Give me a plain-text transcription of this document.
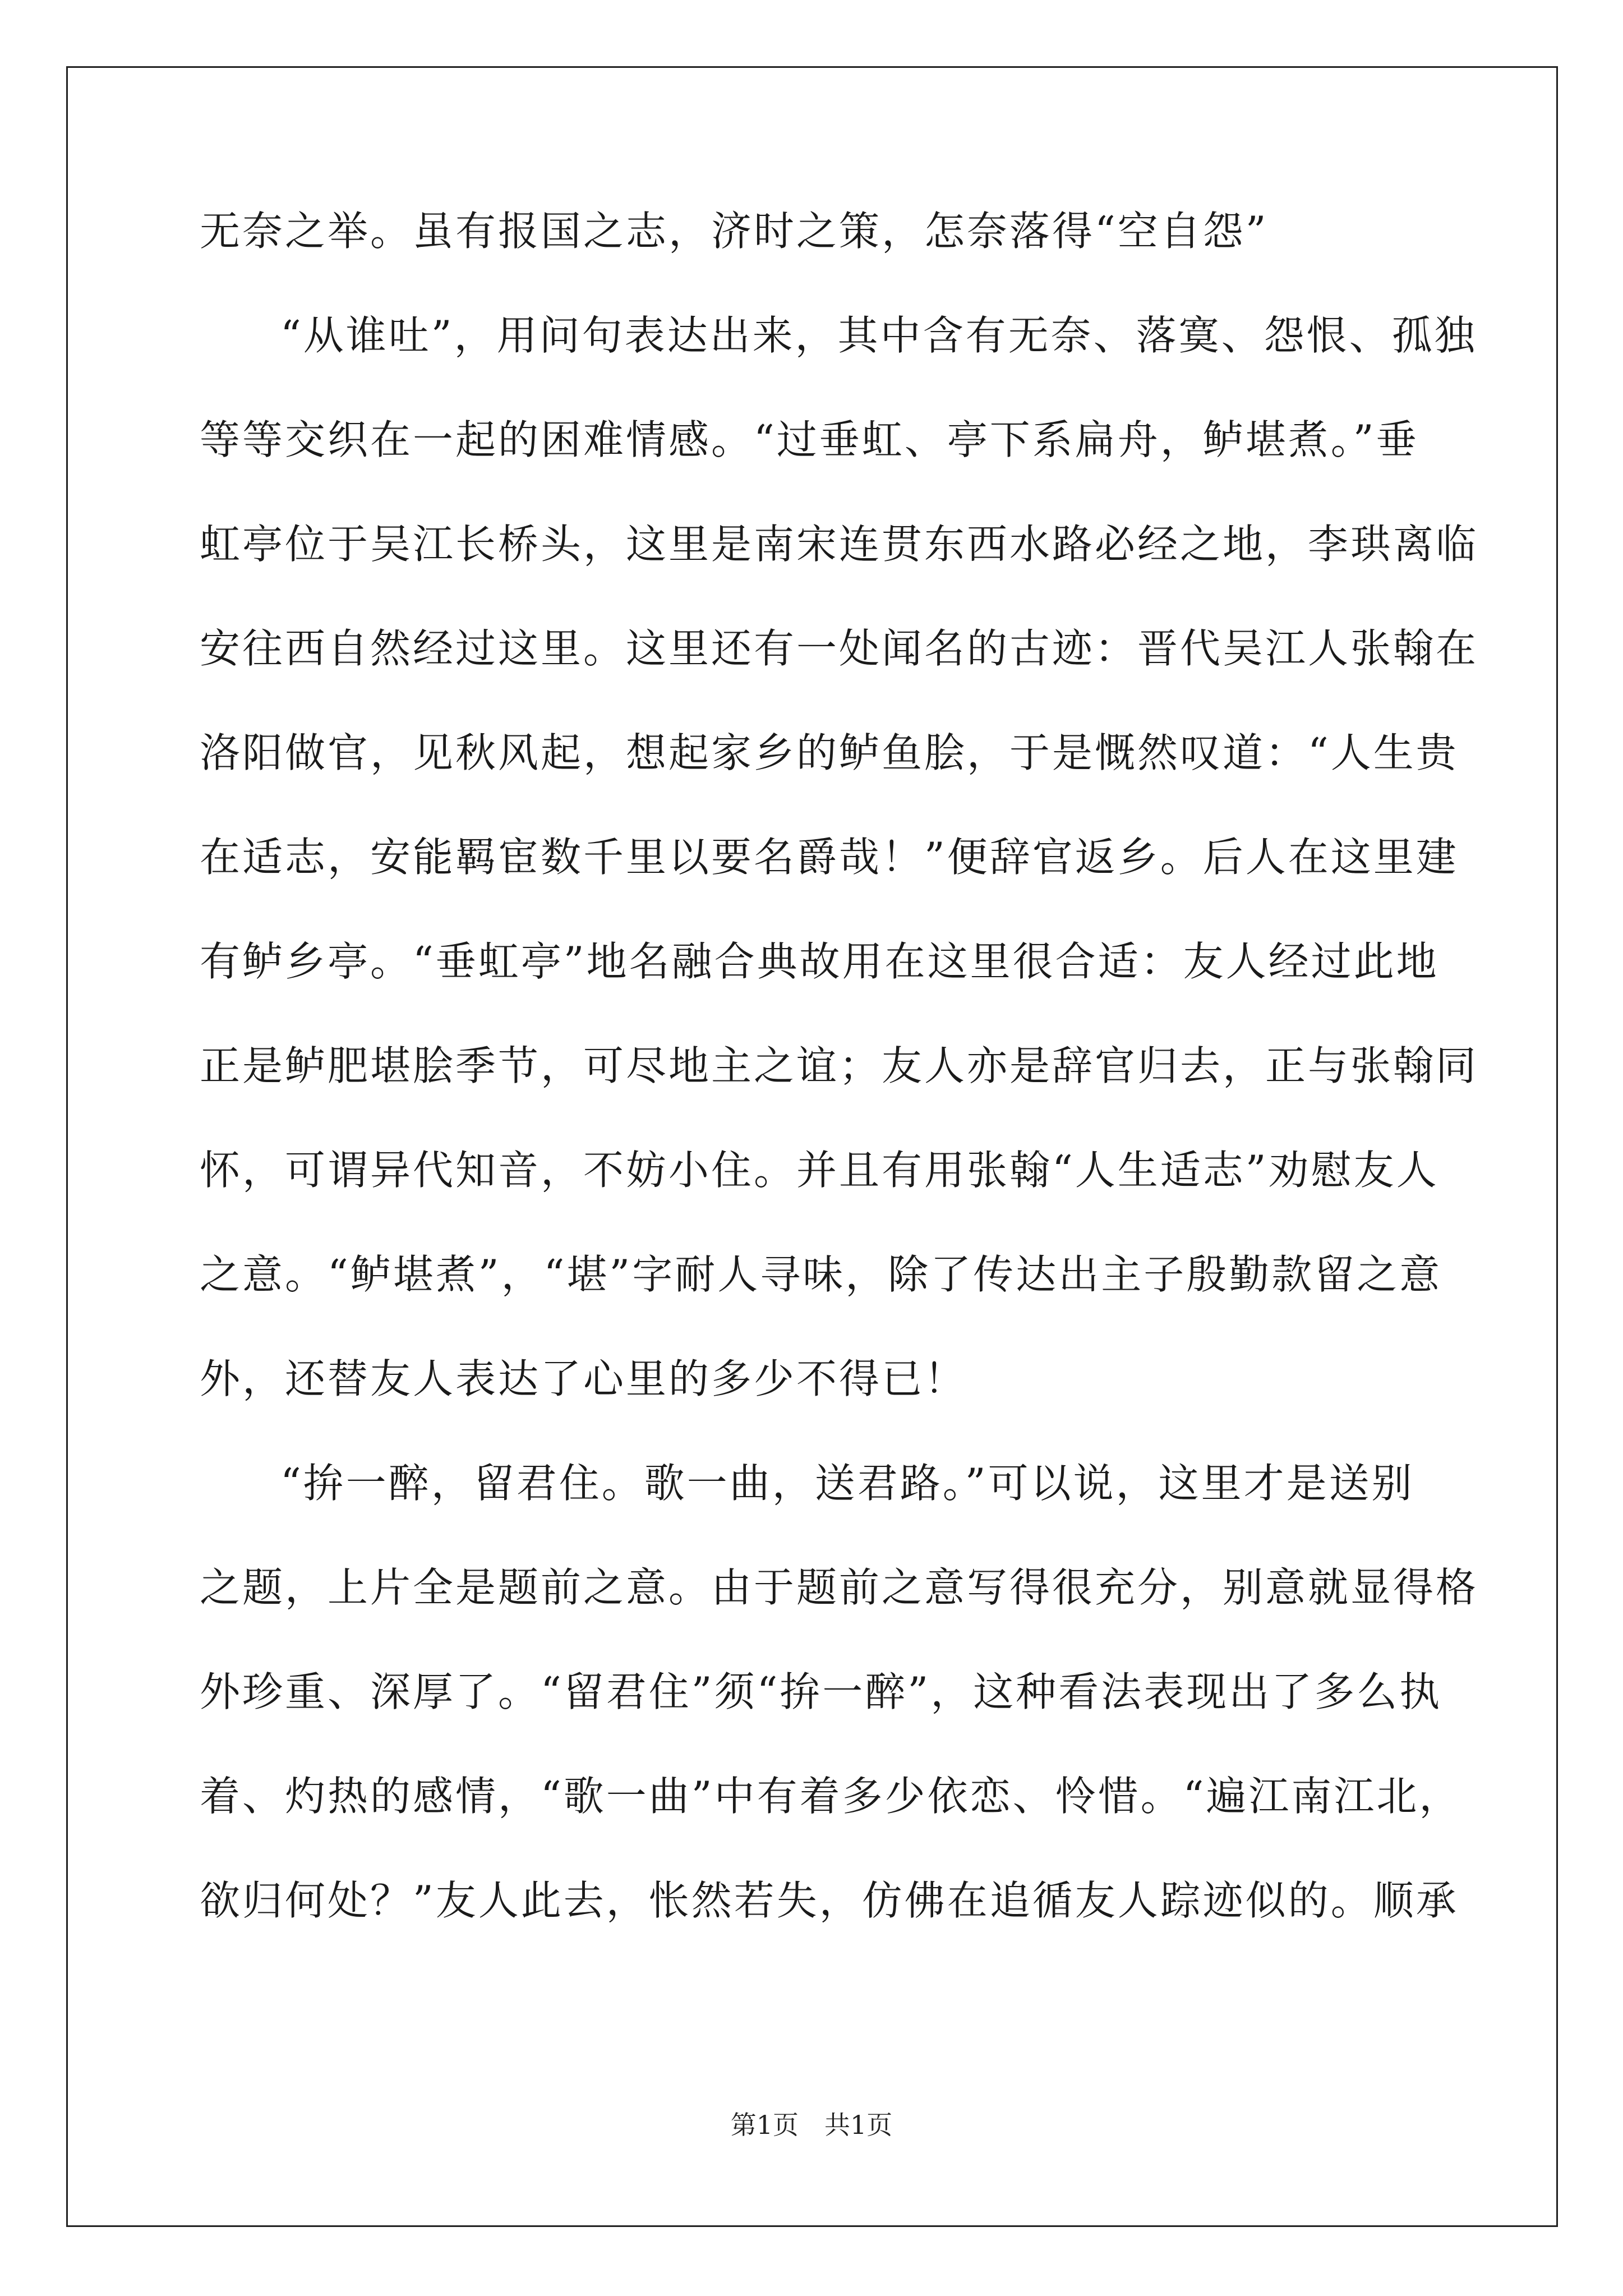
无奈之举。虽有报国之志，济时之策，怎奈落得“空自怨”
“从谁吐”，用问句表达出来，其中含有无奈、落寞、怨恨、孤独
等等交织在一起的困难情感。“过垂虹、亭下系扁舟，鲈堪煮。”垂
虹亭位于吴江长桥头，这里是南宋连贯东西水路必经之地，李珙离临
安往西自然经过这里。这里还有一处闻名的古迹：晋代吴江人张翰在
洛阳做官，见秋风起，想起家乡的鲈鱼脍，于是慨然叹道：“人生贵
在适志，安能羁宦数千里以要名爵哉！”便辞官返乡。后人在这里建
有鲈乡亭。“垂虹亭”地名融合典故用在这里很合适：友人经过此地
正是鲈肥堪脍季节，可尽地主之谊；友人亦是辞官归去，正与张翰同
怀，可谓异代知音，不妨小住。并且有用张翰“人生适志”劝慰友人
之意。“鲈堪煮”，“堪”字耐人寻味，除了传达出主子殷勤款留之意
外，还替友人表达了心里的多少不得已！
“拚一醉，留君住。歌一曲，送君路。”可以说，这里才是送别
之题，上片全是题前之意。由于题前之意写得很充分，别意就显得格
外珍重、深厚了。“留君住”须“拚一醉”，这种看法表现出了多么执
着、灼热的感情，“歌一曲”中有着多少依恋、怜惜。“遍江南江北，
欲归何处？”友人此去，怅然若失，仿佛在追循友人踪迹似的。顺承
第1页　共1页
